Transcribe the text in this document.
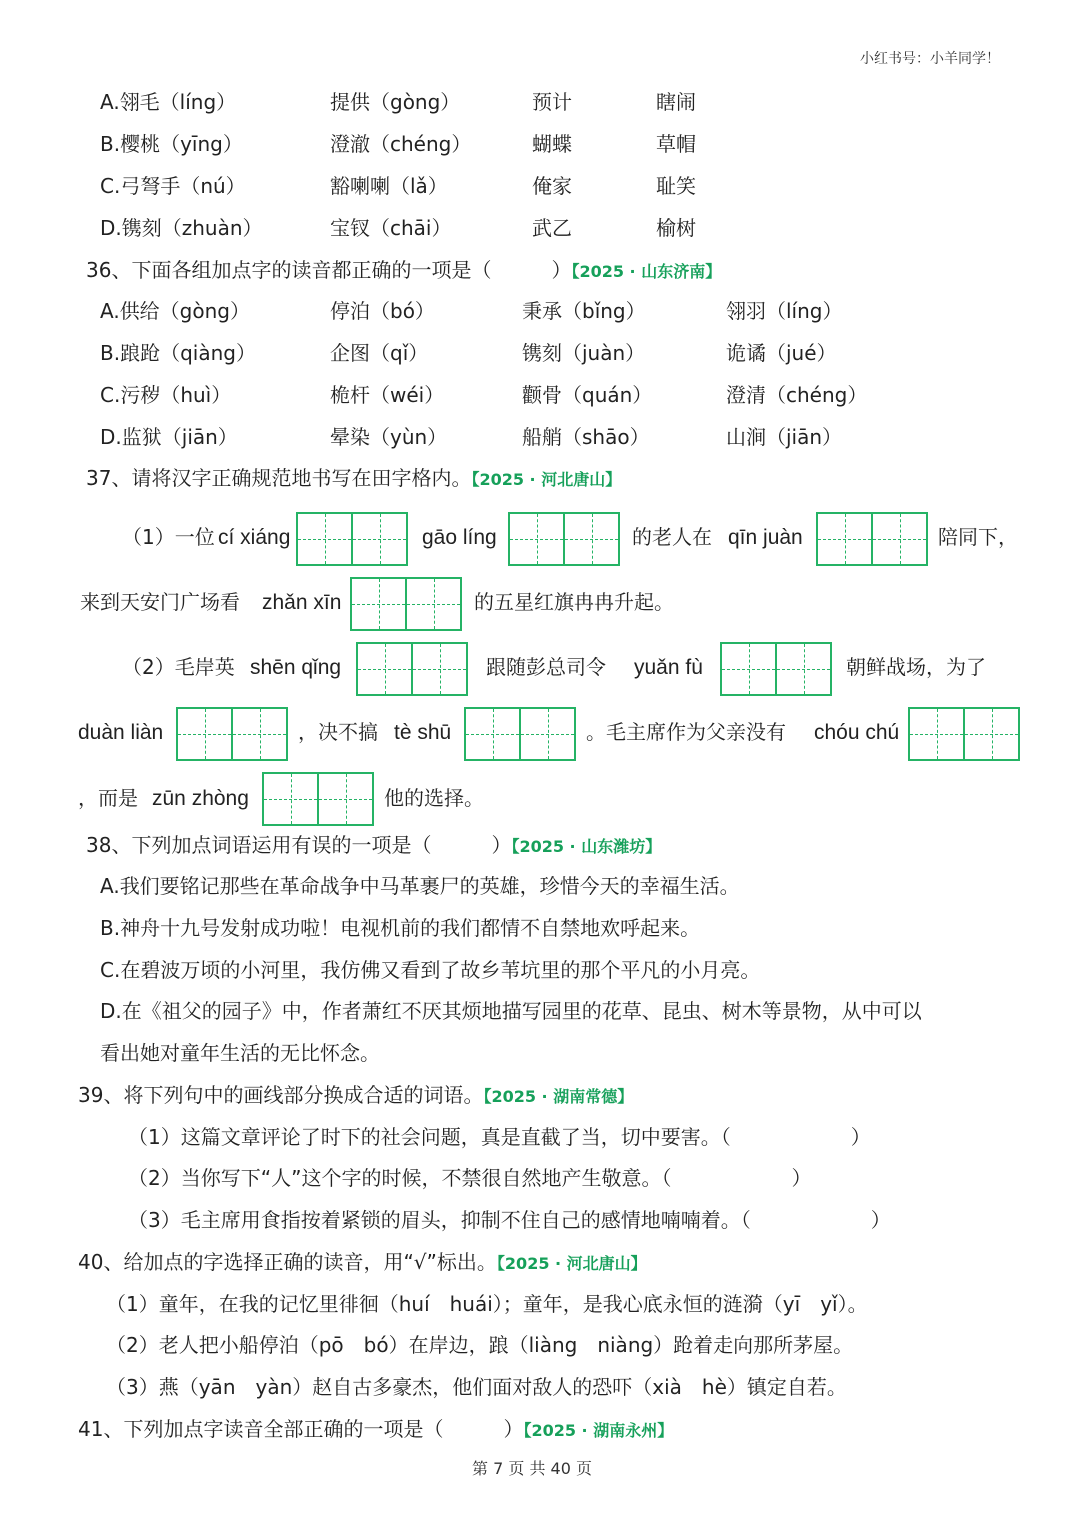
小红书号：小羊同学！
A.翎毛（líng）	提供（gòng）	预计	瞎闹
B.樱桃（yīng）	澄澈（chéng）	蝴蝶	草帽
C.弓弩手（nú）	豁喇喇（lǎ）	俺家	耻笑
D.镌刻（zhuàn）	宝钗（chāi）	武乙	榆树
36、下面各组加点字的读音都正确的一项是（　　　）【2025 · 山东济南】
A.供给（gòng）	停泊（bó）	秉承（bǐng）	翎羽（líng）
B.踉跄（qiàng）	企图（qǐ）	镌刻（juàn）	诡谲（jué）
C.污秽（huì）	桅杆（wéi）	颧骨（quán）	澄清（chéng）
D.监狱（jiān）	晕染（yùn）	船艄（shāo）	山涧（jiān）
37、请将汉字正确规范地书写在田字格内。【2025 · 河北唐山】
（1）一位 cí xiáng	gāo líng	的老人在 qīn juàn	陪同下，
来到天安门广场看 zhǎn xīn	的五星红旗冉冉升起。
（2）毛岸英 shēn qǐng	跟随彭总司令 yuǎn fù	朝鲜战场，为了
duàn liàn	，决不搞 tè shū	。毛主席作为父亲没有 chóu chú
，而是 zūn zhòng	他的选择。
38、下列加点词语运用有误的一项是（　　　）【2025 · 山东潍坊】
A.我们要铭记那些在革命战争中马革裹尸的英雄，珍惜今天的幸福生活。
B.神舟十九号发射成功啦！电视机前的我们都情不自禁地欢呼起来。
C.在碧波万顷的小河里，我仿佛又看到了故乡苇坑里的那个平凡的小月亮。
D.在《祖父的园子》中，作者萧红不厌其烦地描写园里的花草、昆虫、树木等景物，从中可以
看出她对童年生活的无比怀念。
39、将下列句中的画线部分换成合适的词语。【2025 · 湖南常德】
（1）这篇文章评论了时下的社会问题，真是直截了当，切中要害。（　　　　　　）
（2）当你写下“人”这个字的时候，不禁很自然地产生敬意。（　　　　　　）
（3）毛主席用食指按着紧锁的眉头，抑制不住自己的感情地喃喃着。（　　　　　　）
40、给加点的字选择正确的读音，用“√”标出。【2025 · 河北唐山】
（1）童年，在我的记忆里徘徊（huí　huái）；童年，是我心底永恒的涟漪（yī　yǐ）。
（2）老人把小船停泊（pō　bó）在岸边，踉（liàng　niàng）跄着走向那所茅屋。
（3）燕（yān　yàn）赵自古多豪杰，他们面对敌人的恐吓（xià　hè）镇定自若。
41、下列加点字读音全部正确的一项是（　　　）【2025 · 湖南永州】
第 7 页 共 40 页
